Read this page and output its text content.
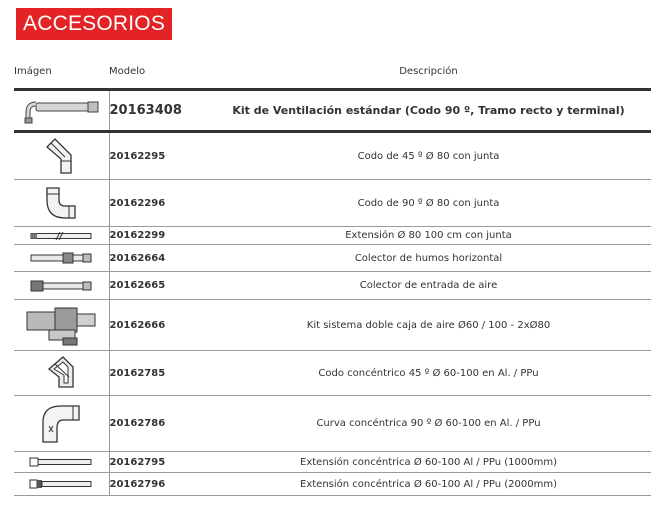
ACCESORIOS
Imágen	Modelo	Descripción

	20163408	Kit de Ventilación estándar (Codo 90 º, Tramo recto y terminal)

	20162295	Codo de 45 º Ø 80 con junta

	20162296	Codo de 90 º Ø 80 con junta

	20162299	Extensión Ø 80 100 cm con junta

	20162664	Colector de humos horizontal

	20162665	Colector de entrada de aire

	20162666	Kit sistema doble caja de aire Ø60 / 100 - 2xØ80

	20162785	Codo concéntrico 45 º Ø 60-100 en Al. / PPu

	20162786	Curva concéntrica 90 º Ø 60-100 en Al. / PPu

	20162795	Extensión concéntrica Ø 60-100 Al / PPu (1000mm)

	20162796	Extensión concéntrica Ø 60-100 Al / PPu (2000mm)
